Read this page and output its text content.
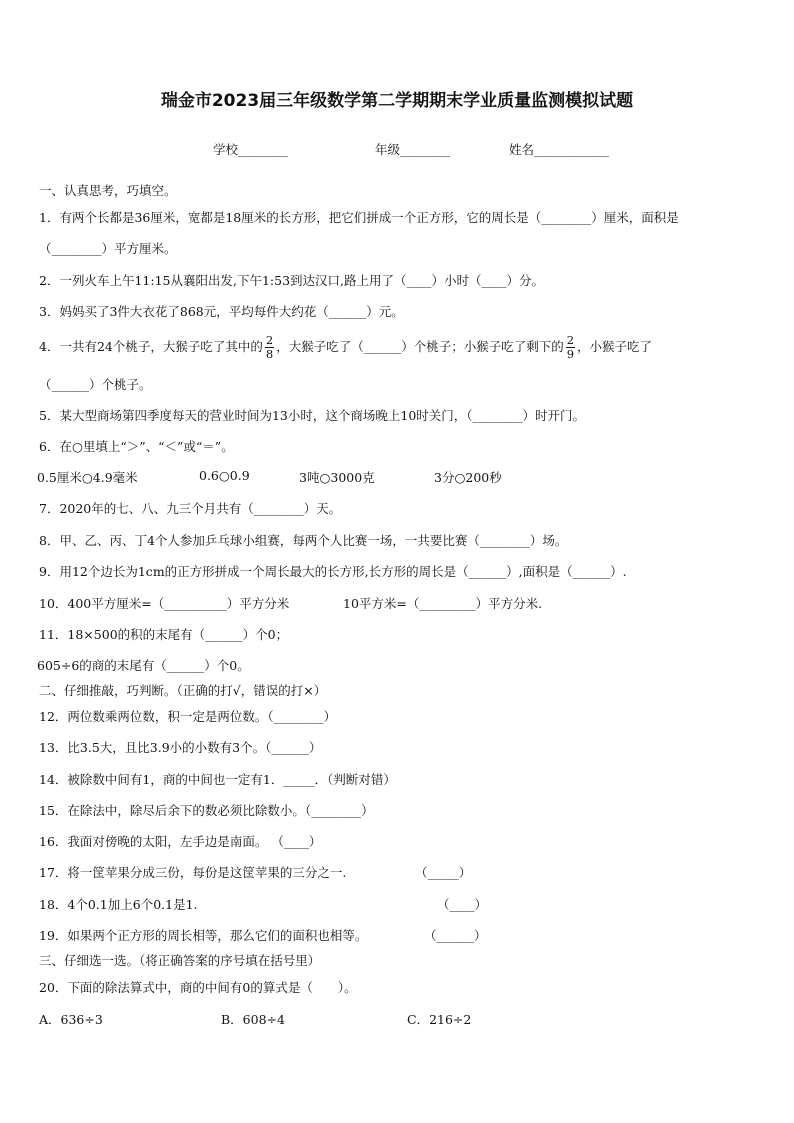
瑞金市2023届三年级数学第二学期期末学业质量监测模拟试题
学校________	年级________	姓名____________
一、认真思考，巧填空。
1．有两个长都是36厘米，宽都是18厘米的长方形，把它们拼成一个正方形，它的周长是（________）厘米，面积是
（________）平方厘米。
2．一列火车上午11:15从襄阳出发,下午1:53到达汉口,路上用了（____）小时（____）分。
3．妈妈买了3件大衣花了868元，平均每件大约花（______）元。
4．一共有24个桃子，大猴子吃了其中的 $\frac{2}{8}$ ，大猴子吃了（______）个桃子；小猴子吃了剩下的 $\frac{2}{9}$ ，小猴子吃了
（______）个桃子。
5．某大型商场第四季度每天的营业时间为13小时，这个商场晚上10时关门，（________）时开门。
6．在○里填上“＞”、“＜”或“＝”。
0.5厘米○4.9毫米	0.6○0.9	3吨○3000克	3分○200秒
7．2020年的七、八、九三个月共有（________）天。
8．甲、乙、丙、丁4个人参加乒乓球小组赛，每两个人比赛一场，一共要比赛（________）场。
9．用12个边长为1cm的正方形拼成一个周长最大的长方形,长方形的周长是（______）,面积是（______）.
10．400平方厘米=（__________）平方分米	10平方米=（_________）平方分米.
11．18×500的积的末尾有（______）个0；
605÷6的商的末尾有（______）个0。
二、仔细推敲，巧判断。（正确的打√，错误的打×）
12．两位数乘两位数，积一定是两位数。（________）
13．比3.5大，且比3.9小的小数有3个。（______）
14．被除数中间有1，商的中间也一定有1．_____．（判断对错）
15．在除法中，除尽后余下的数必须比除数小。（________）
16．我面对傍晚的太阳，左手边是南面。 （____）
17．将一筐苹果分成三份，每份是这筐苹果的三分之一.	（_____）
18．4个0.1加上6个0.1是1.	（____）
19．如果两个正方形的周长相等，那么它们的面积也相等。	（______）
三、仔细选一选。（将正确答案的序号填在括号里）
20．下面的除法算式中，商的中间有0的算式是（　　）。
A．636÷3	B．608÷4	C．216÷2
